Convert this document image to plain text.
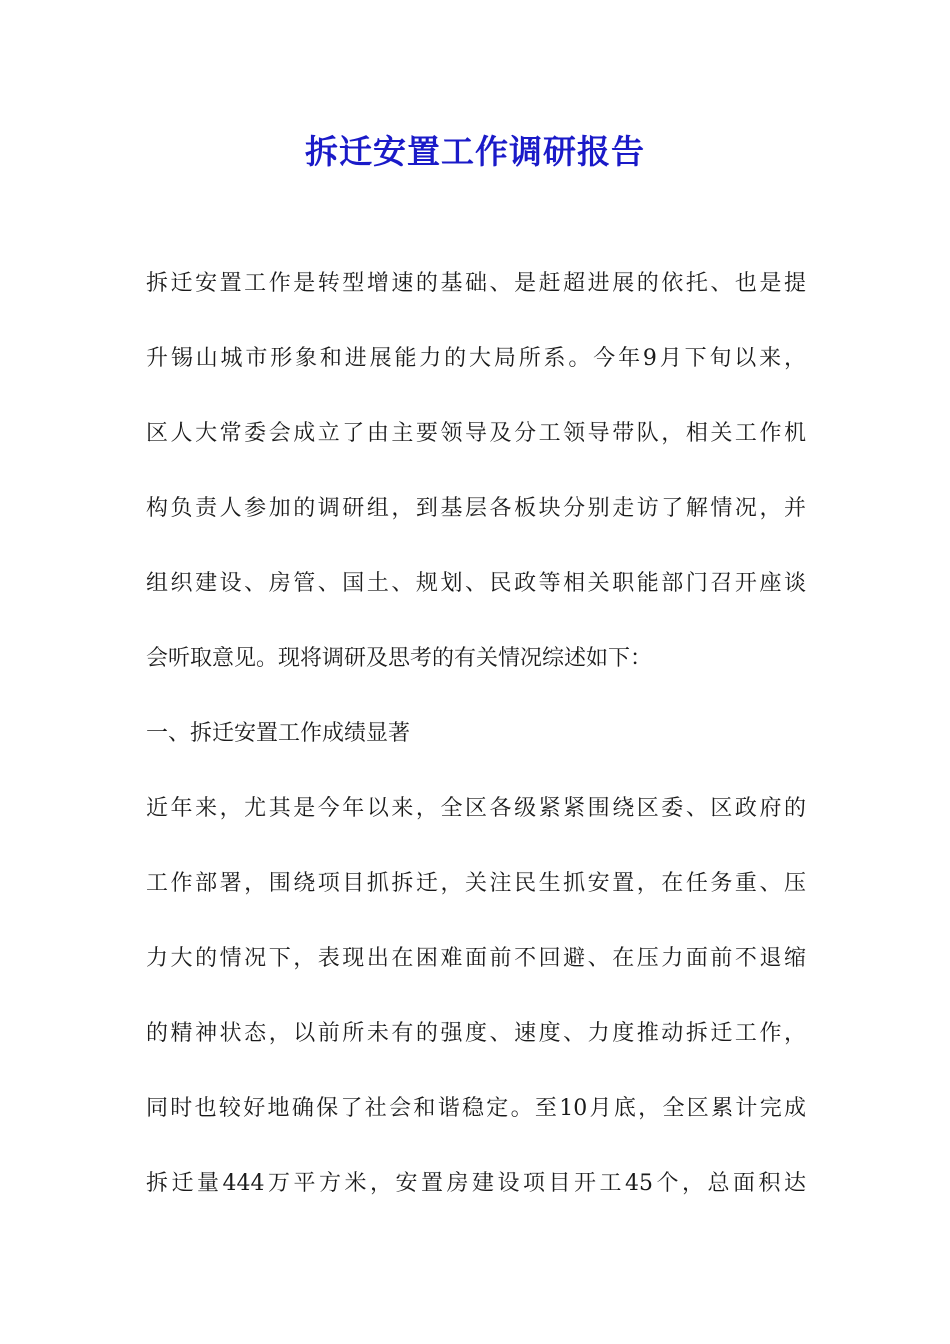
拆迁安置工作调研报告
拆迁安置工作是转型增速的基础、是赶超进展的依托、也是提
升锡山城市形象和进展能力的大局所系。今年9月下旬以来，
区人大常委会成立了由主要领导及分工领导带队，相关工作机
构负责人参加的调研组，到基层各板块分别走访了解情况，并
组织建设、房管、国土、规划、民政等相关职能部门召开座谈
会听取意见。现将调研及思考的有关情况综述如下：
一、拆迁安置工作成绩显著
近年来，尤其是今年以来，全区各级紧紧围绕区委、区政府的
工作部署，围绕项目抓拆迁，关注民生抓安置，在任务重、压
力大的情况下，表现出在困难面前不回避、在压力面前不退缩
的精神状态，以前所未有的强度、速度、力度推动拆迁工作，
同时也较好地确保了社会和谐稳定。至10月底，全区累计完成
拆迁量444万平方米，安置房建设项目开工45个，总面积达
